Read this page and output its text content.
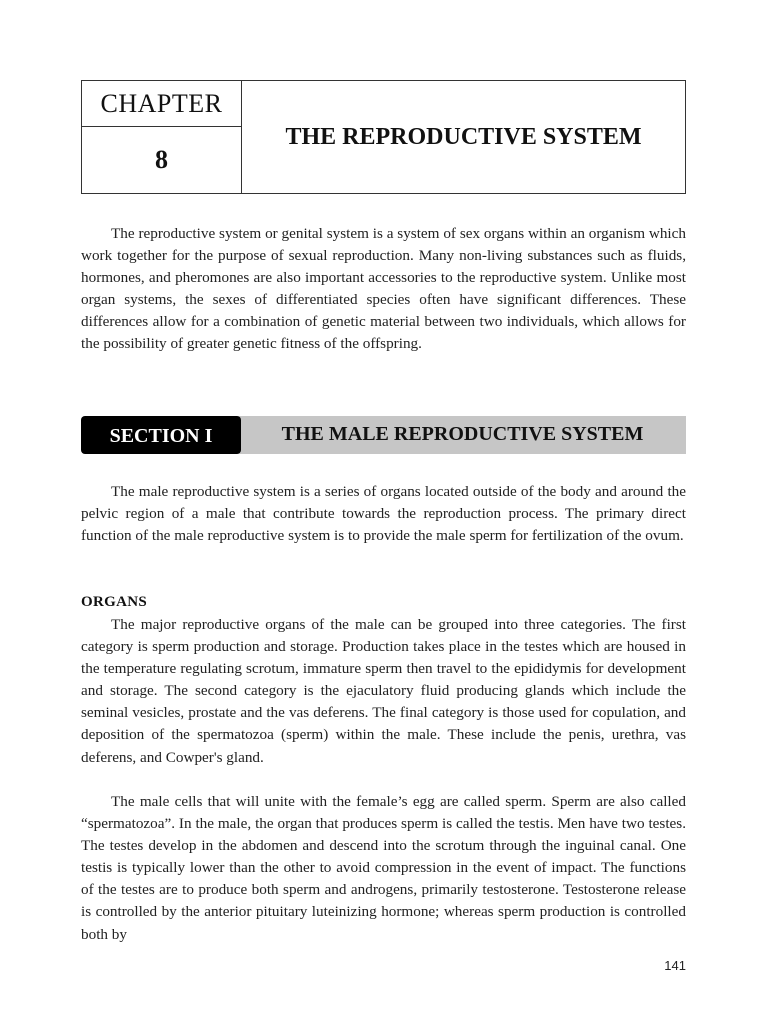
CHAPTER
8
THE REPRODUCTIVE SYSTEM

The reproductive system or genital system is a system of sex organs within an organism which work together for the purpose of sexual reproduction. Many non-living substances such as fluids, hormones, and pheromones are also important accessories to the reproductive system. Unlike most organ systems, the sexes of differentiated species often have significant differences. These differences allow for a combination of genetic material between two individuals, which allows for the possibility of greater genetic fitness of the offspring.

SECTION I	THE MALE REPRODUCTIVE SYSTEM

The male reproductive system is a series of organs located outside of the body and around the pelvic region of a male that contribute towards the reproduction process. The primary direct function of the male reproductive system is to provide the male sperm for fertilization of the ovum.

ORGANS

The major reproductive organs of the male can be grouped into three categories. The first category is sperm production and storage. Production takes place in the testes which are housed in the temperature regulating scrotum, immature sperm then travel to the epididymis for development and storage. The second category is the ejaculatory fluid producing glands which include the seminal vesicles, prostate and the vas deferens. The final category is those used for copulation, and deposition of the spermatozoa (sperm) within the male. These include the penis, urethra, vas deferens, and Cowper's gland.

The male cells that will unite with the female’s egg are called sperm. Sperm are also called “spermatozoa”. In the male, the organ that produces sperm is called the testis. Men have two testes. The testes develop in the abdomen and descend into the scrotum through the inguinal canal. One testis is typically lower than the other to avoid compression in the event of impact. The functions of the testes are to produce both sperm and androgens, primarily testosterone. Testosterone release is controlled by the anterior pituitary luteinizing hormone; whereas sperm production is controlled both by

141
